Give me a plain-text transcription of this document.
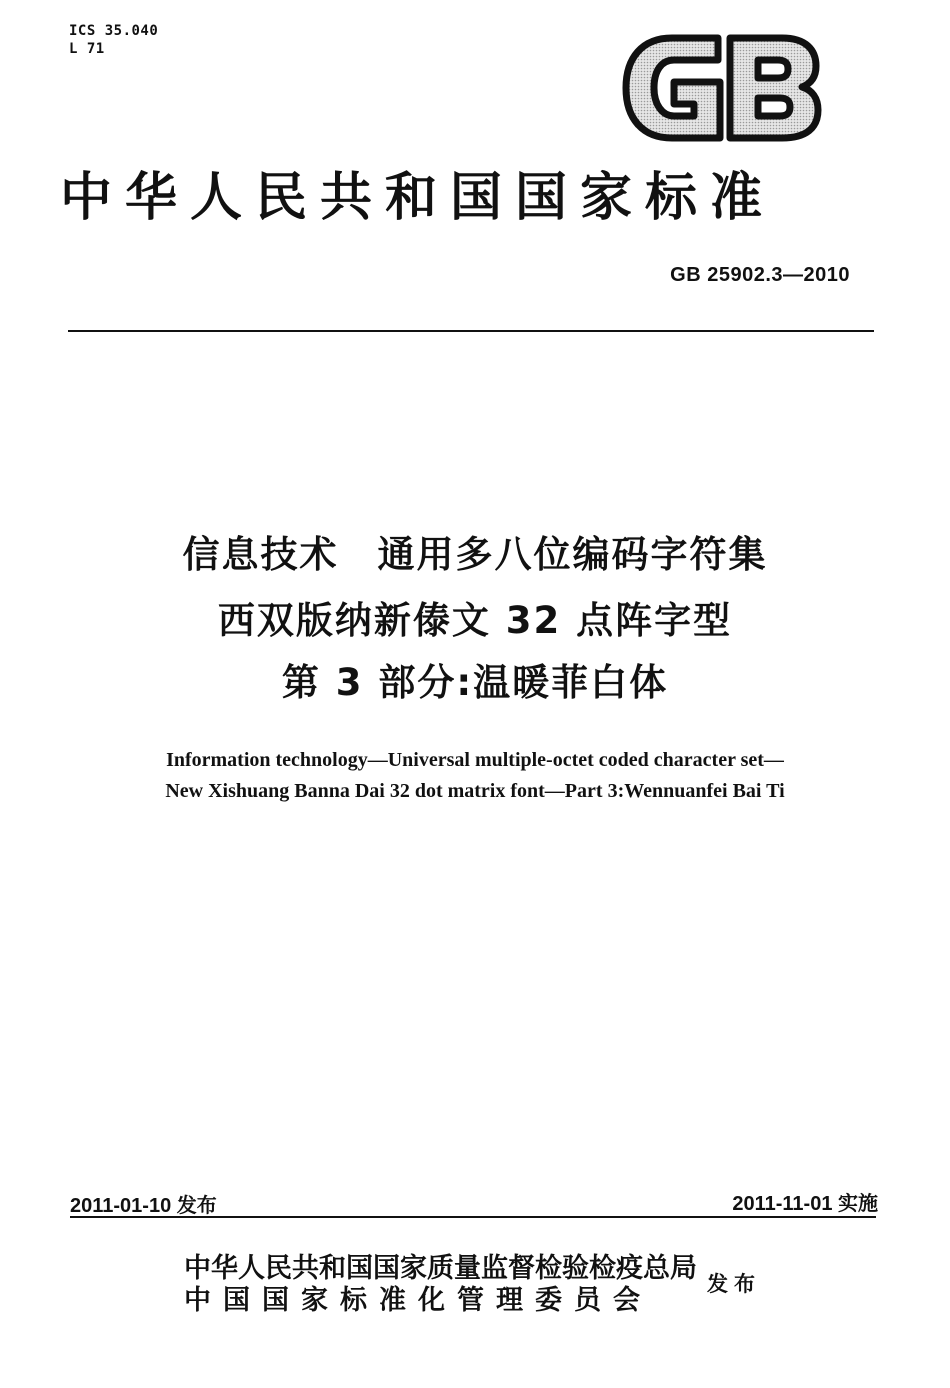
ICS 35.040
L 71
中华人民共和国国家标准
GB 25902.3—2010
信息技术　通用多八位编码字符集
西双版纳新傣文 32 点阵字型
第 3 部分:温暖菲白体
Information technology—Universal multiple-octet coded character set—
New Xishuang Banna Dai 32 dot matrix font—Part 3:Wennuanfei Bai Ti
2011-01-10 发布	2011-11-01 实施
中华人民共和国国家质量监督检验检疫总局
中国国家标准化管理委员会
发布
